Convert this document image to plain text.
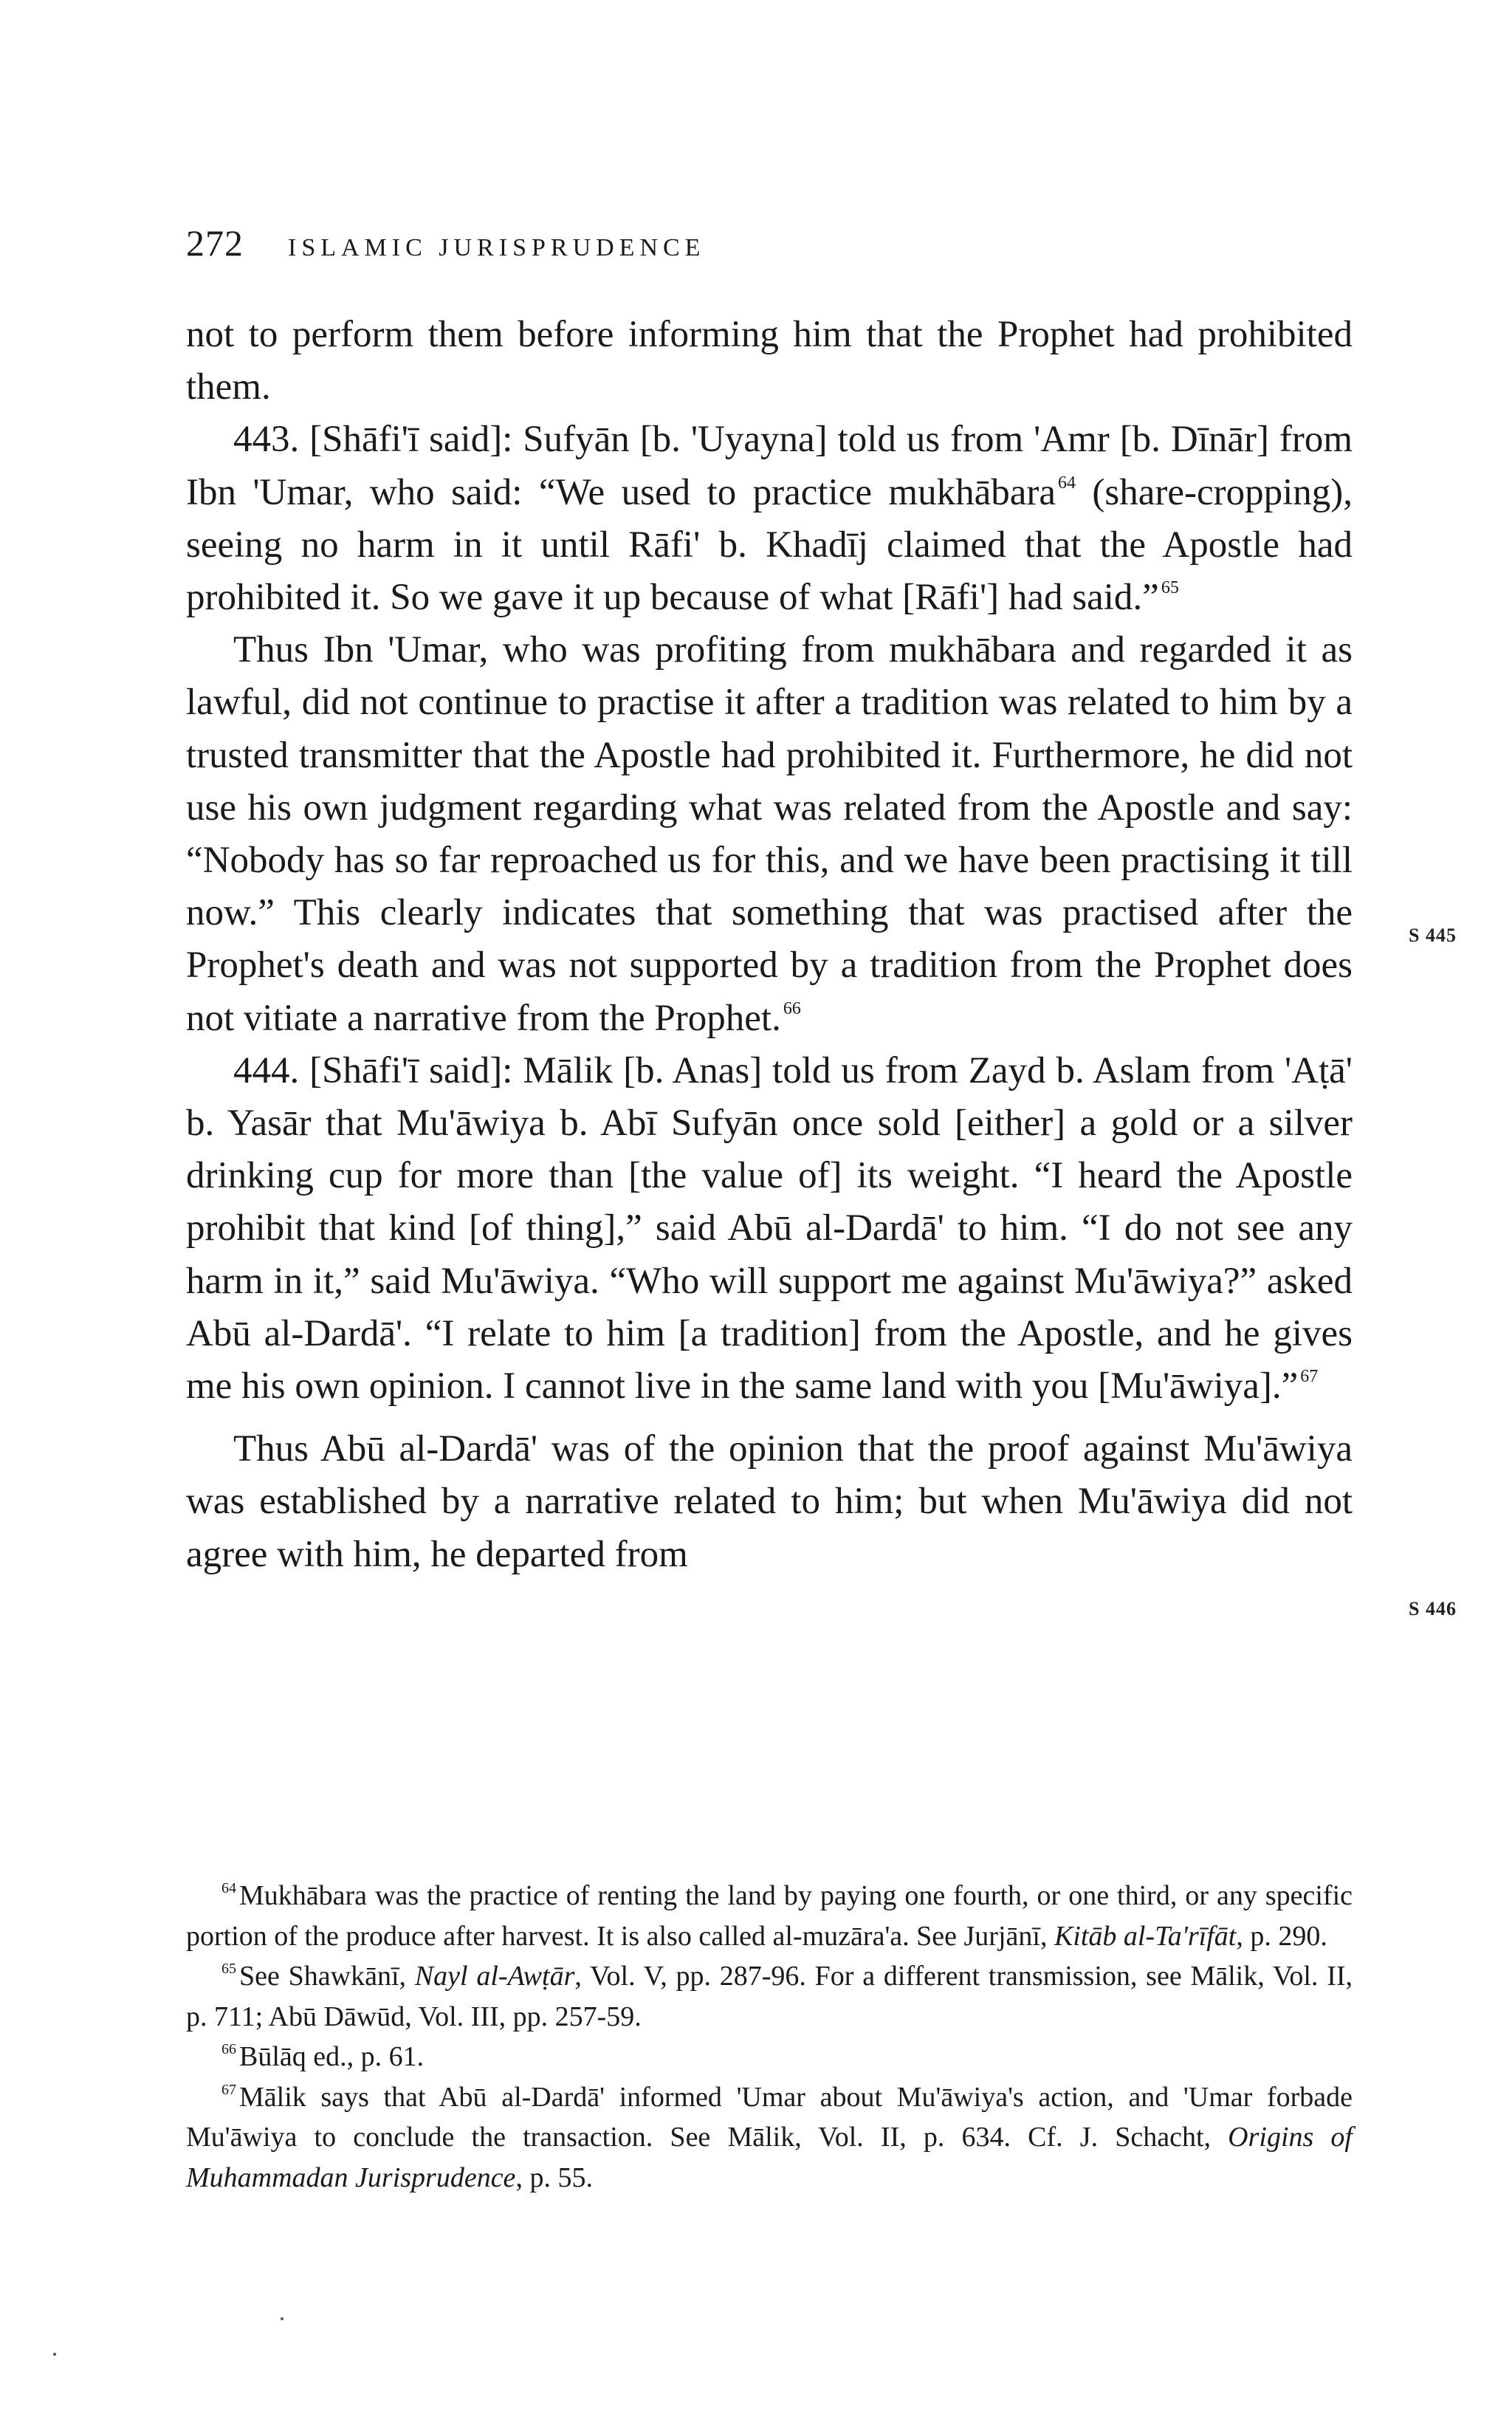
272 ISLAMIC JURISPRUDENCE

not to perform them before informing him that the Prophet had prohibited them.

443. [Shāfi'ī said]: Sufyān [b. 'Uyayna] told us from 'Amr [b. Dīnār] from Ibn 'Umar, who said: “We used to practice mukhābara $^{64}$ (share-cropping), seeing no harm in it until Rāfi' b. Khadīj claimed that the Apostle had prohibited it. So we gave it up because of what [Rāfi'] had said.” $^{65}$

Thus Ibn 'Umar, who was profiting from mukhābara and regarded it as lawful, did not continue to practise it after a tradition was related to him by a trusted transmitter that the Apostle had prohibited it. Furthermore, he did not use his own judgment regarding what was related from the Apostle and say: “Nobody has so far reproached us for this, and we have been practising it till now.” This clearly indicates that something that was practised after the Prophet's death and was not supported by a tradition from the Prophet does not vitiate a narrative from the Prophet. $^{66}$

444. [Shāfi'ī said]: Mālik [b. Anas] told us from Zayd b. Aslam from 'Aṭā' b. Yasār that Mu'āwiya b. Abī Sufyān once sold [either] a gold or a silver drinking cup for more than [the value of] its weight. “I heard the Apostle prohibit that kind [of thing],” said Abū al-Dardā' to him. “I do not see any harm in it,” said Mu'āwiya. “Who will support me against Mu'āwiya?” asked Abū al-Dardā'. “I relate to him [a tradition] from the Apostle, and he gives me his own opinion. I cannot live in the same land with you [Mu'āwiya].” $^{67}$

Thus Abū al-Dardā' was of the opinion that the proof against Mu'āwiya was established by a narrative related to him; but when Mu'āwiya did not agree with him, he departed from

S 445
S 446

$^{64}$ Mukhābara was the practice of renting the land by paying one fourth, or one third, or any specific portion of the produce after harvest. It is also called al-muzāra'a. See Jurjānī, Kitāb al-Ta'rīfāt, p. 290.

$^{65}$ See Shawkānī, Nayl al-Awṭār, Vol. V, pp. 287-96. For a different transmission, see Mālik, Vol. II, p. 711; Abū Dāwūd, Vol. III, pp. 257-59.

$^{66}$ Būlāq ed., p. 61.

$^{67}$ Mālik says that Abū al-Dardā' informed 'Umar about Mu'āwiya's action, and 'Umar forbade Mu'āwiya to conclude the transaction. See Mālik, Vol. II, p. 634. Cf. J. Schacht, Origins of Muhammadan Jurisprudence, p. 55.
